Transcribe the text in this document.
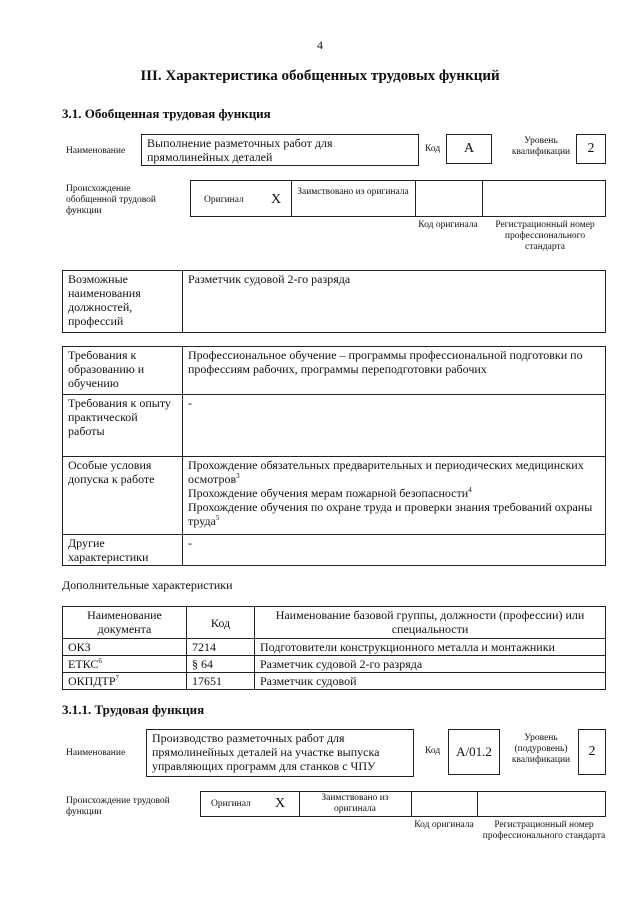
4
III. Характеристика обобщенных трудовых функций
3.1. Обобщенная трудовая функция
Наименование
Выполнение разметочных работ для прямолинейных деталей
Код	A	Уровень квалификации	2
Происхождение обобщенной трудовой функции
Оригинал X Заимствовано из оригинала
Код оригинала	Регистрационный номер профессионального стандарта
Возможные наименования должностей, профессий	Разметчик судовой 2-го разряда
Требования к образованию и обучению	Профессиональное обучение – программы профессиональной подготовки по профессиям рабочих, программы переподготовки рабочих
Требования к опыту практической работы	-
Особые условия допуска к работе	Прохождение обязательных предварительных и периодических медицинских осмотров$^3$
Прохождение обучения мерам пожарной безопасности$^4$
Прохождение обучения по охране труда и проверки знания требований охраны труда$^5$

Другие характеристики	-
Дополнительные характеристики
Наименование документа	Код	Наименование базовой группы, должности (профессии) или специальности
ОКЗ	7214	Подготовители конструкционного металла и монтажники
ЕТКС$^6$	§ 64	Разметчик судовой 2-го разряда
ОКПДТР$^7$	17651	Разметчик судовой
3.1.1. Трудовая функция
Наименование
Производство разметочных работ для прямолинейных деталей на участке выпуска управляющих программ для станков с ЧПУ
Код	A/01.2
Уровень (подуровень) квалификации
2
Происхождение трудовой функции
Оригинал X	Заимствовано из оригинала
Код оригинала	Регистрационный номер профессионального стандарта
